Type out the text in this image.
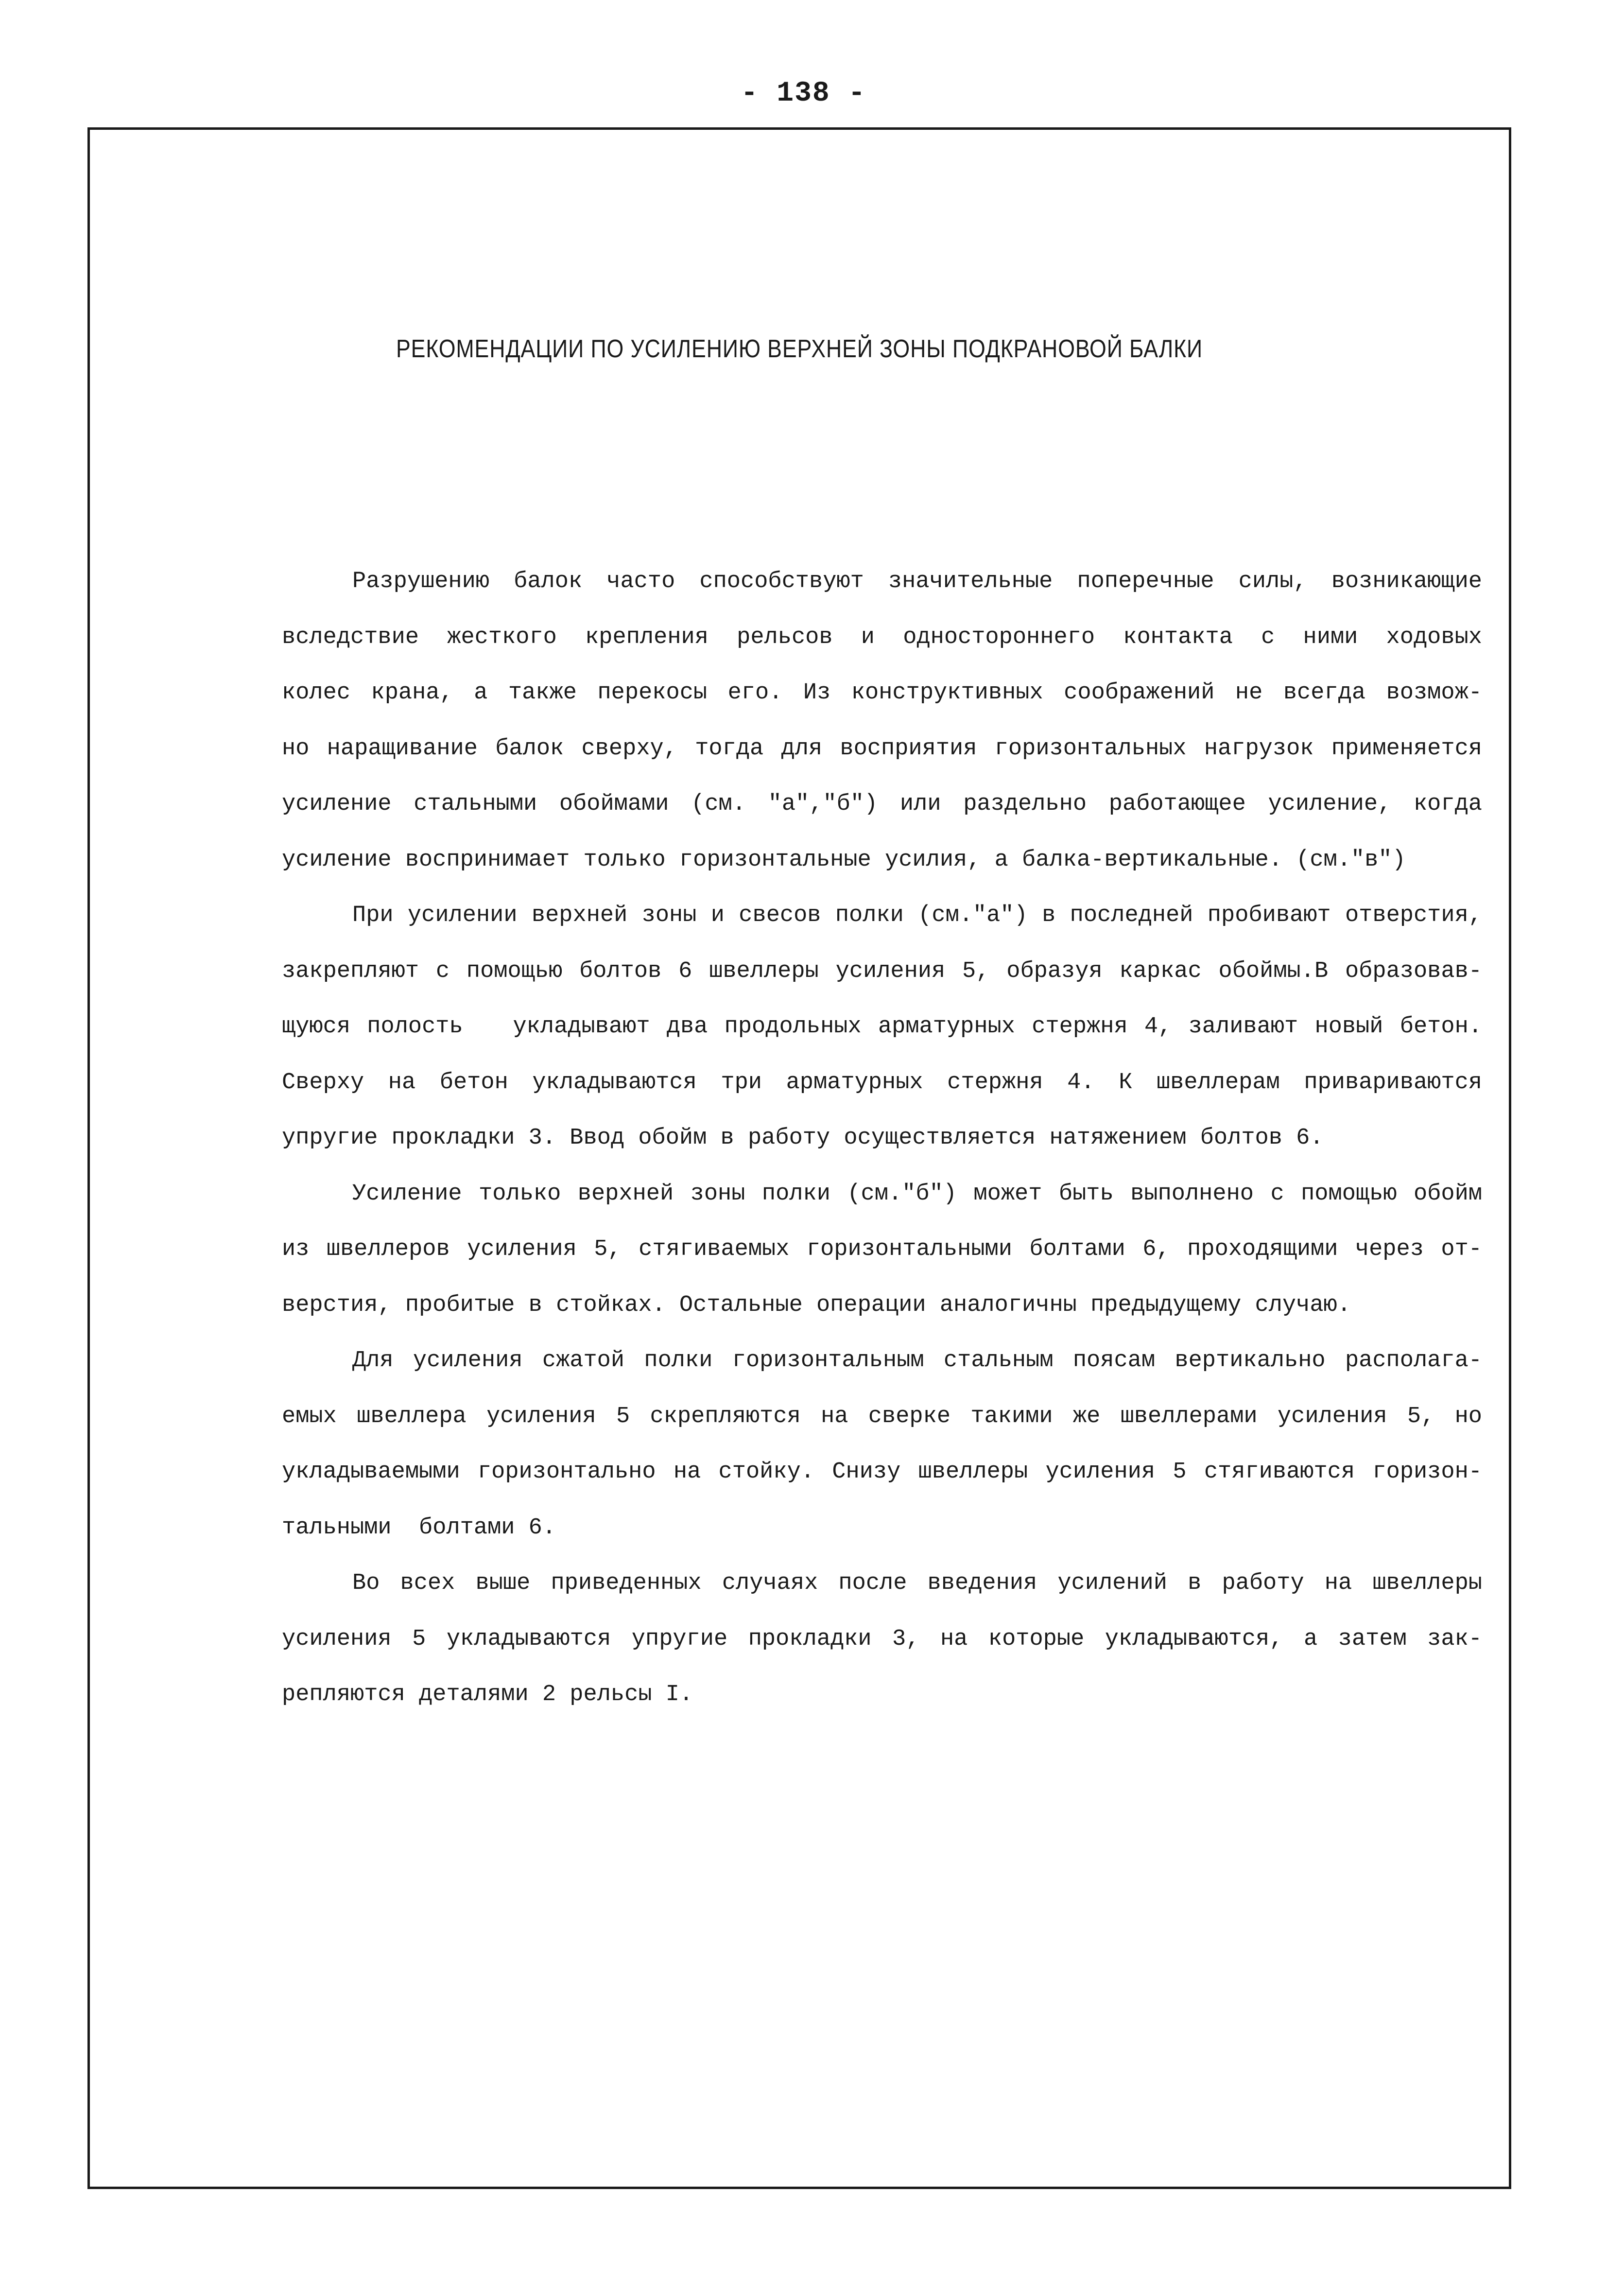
- 138 -
РЕКОМЕНДАЦИИ ПО УСИЛЕНИЮ ВЕРХНЕЙ ЗОНЫ ПОДКРАНОВОЙ БАЛКИ
Разрушению балок часто способствуют значительные поперечные силы, возникающие
вследствие жесткого крепления рельсов и одностороннего контакта с ними ходовых
колес крана, а также перекосы его. Из конструктивных соображений не всегда возмож-
но наращивание балок сверху, тогда для восприятия горизонтальных нагрузок применяется
усиление стальными обоймами (см. "а","б") или раздельно работающее усиление, когда
усиление воспринимает только горизонтальные усилия, а балка-вертикальные. (см."в")
При усилении верхней зоны и свесов полки (см."а") в последней пробивают отверстия,
закрепляют с помощью болтов 6 швеллеры усиления 5, образуя каркас обоймы.В образовав-
щуюся полость   укладывают два продольных арматурных стержня 4, заливают новый бетон.
Сверху на бетон укладываются три арматурных стержня 4. К швеллерам привариваются
упругие прокладки 3. Ввод обойм в работу осуществляется натяжением болтов 6.
Усиление только верхней зоны полки (см."б") может быть выполнено с помощью обойм
из швеллеров усиления 5, стягиваемых горизонтальными болтами 6, проходящими через от-
верстия, пробитые в стойках. Остальные операции аналогичны предыдущему случаю.
Для усиления сжатой полки горизонтальным стальным поясам вертикально располага-
емых швеллера усиления 5 скрепляются на сверке такими же швеллерами усиления 5, но
укладываемыми горизонтально на стойку. Снизу швеллеры усиления 5 стягиваются горизон-
тальными  болтами 6.
Во всех выше приведенных случаях после введения усилений в работу на швеллеры
усиления 5 укладываются упругие прокладки 3, на которые укладываются, а затем зак-
репляются деталями 2 рельсы I.
